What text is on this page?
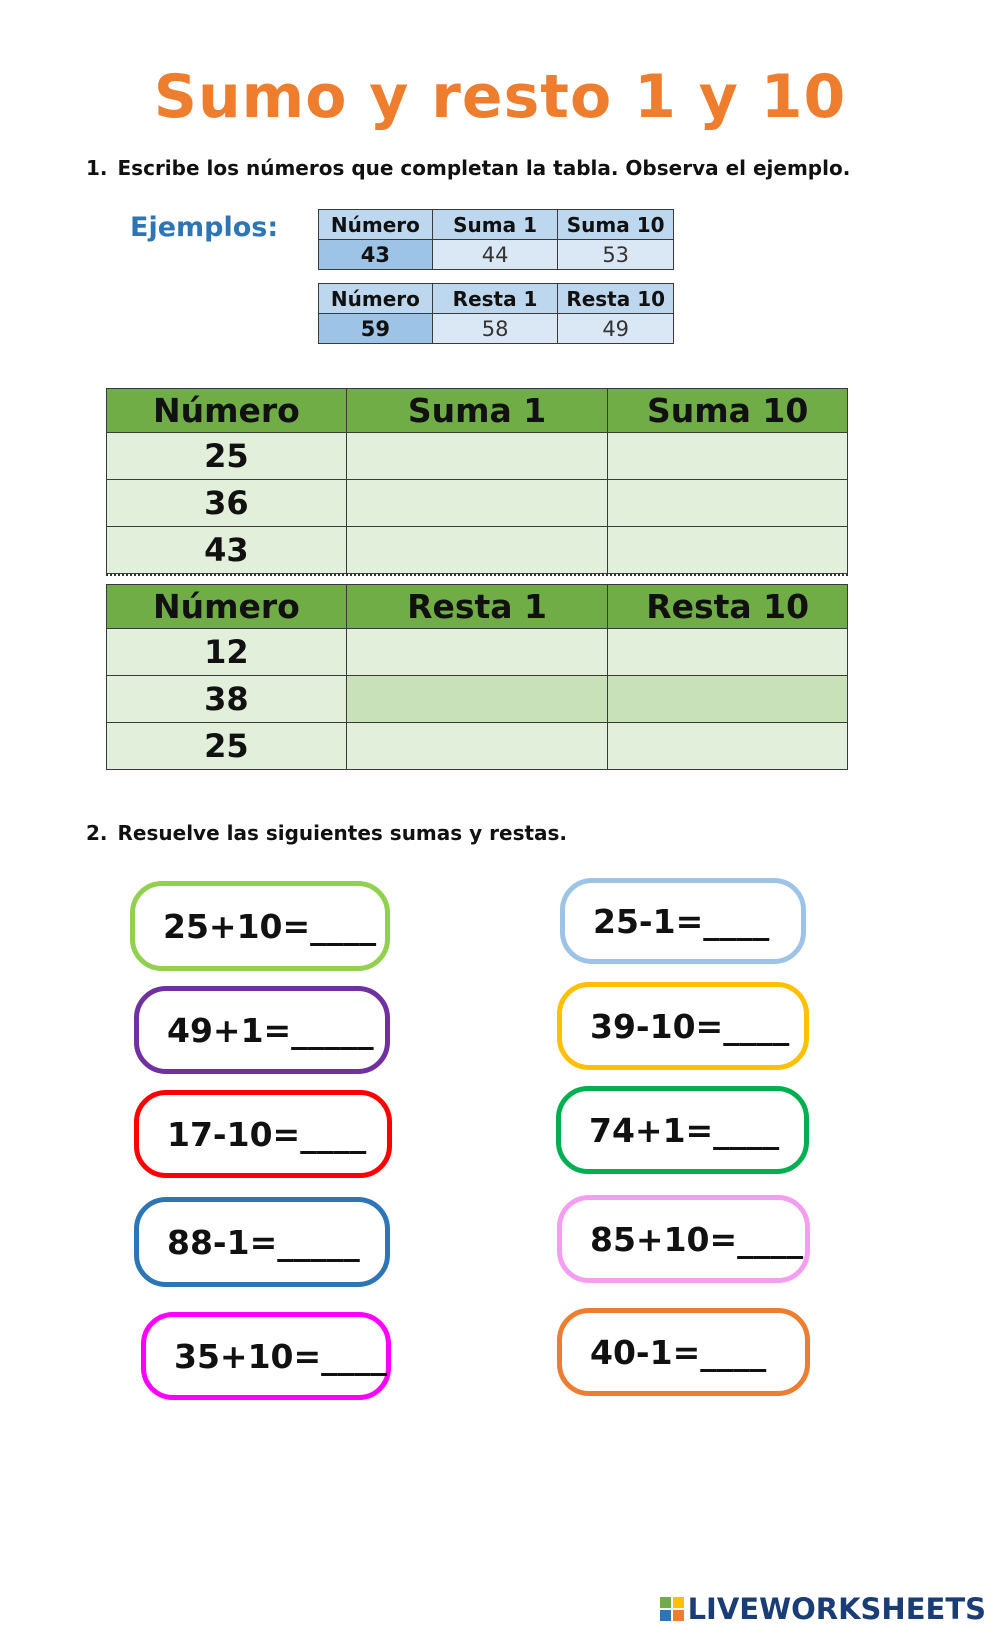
Sumo y resto 1 y 10
1. Escribe los números que completan la tabla. Observa el ejemplo.
Ejemplos:	Número	Suma 1	Suma 10
43	44	53
Número	Resta 1	Resta 10
59	58	49
Número	Suma 1	Suma 10
25		
36		
43		
Número	Resta 1	Resta 10
12		
38		
25		
2. Resuelve las siguientes sumas y restas.
25+10=____	25-1=____
49+1=_____	39-10=____
17-10=____	74+1=____
88-1=_____	85+10=____
35+10=____	40-1=____
LIVEWORKSHEETS
